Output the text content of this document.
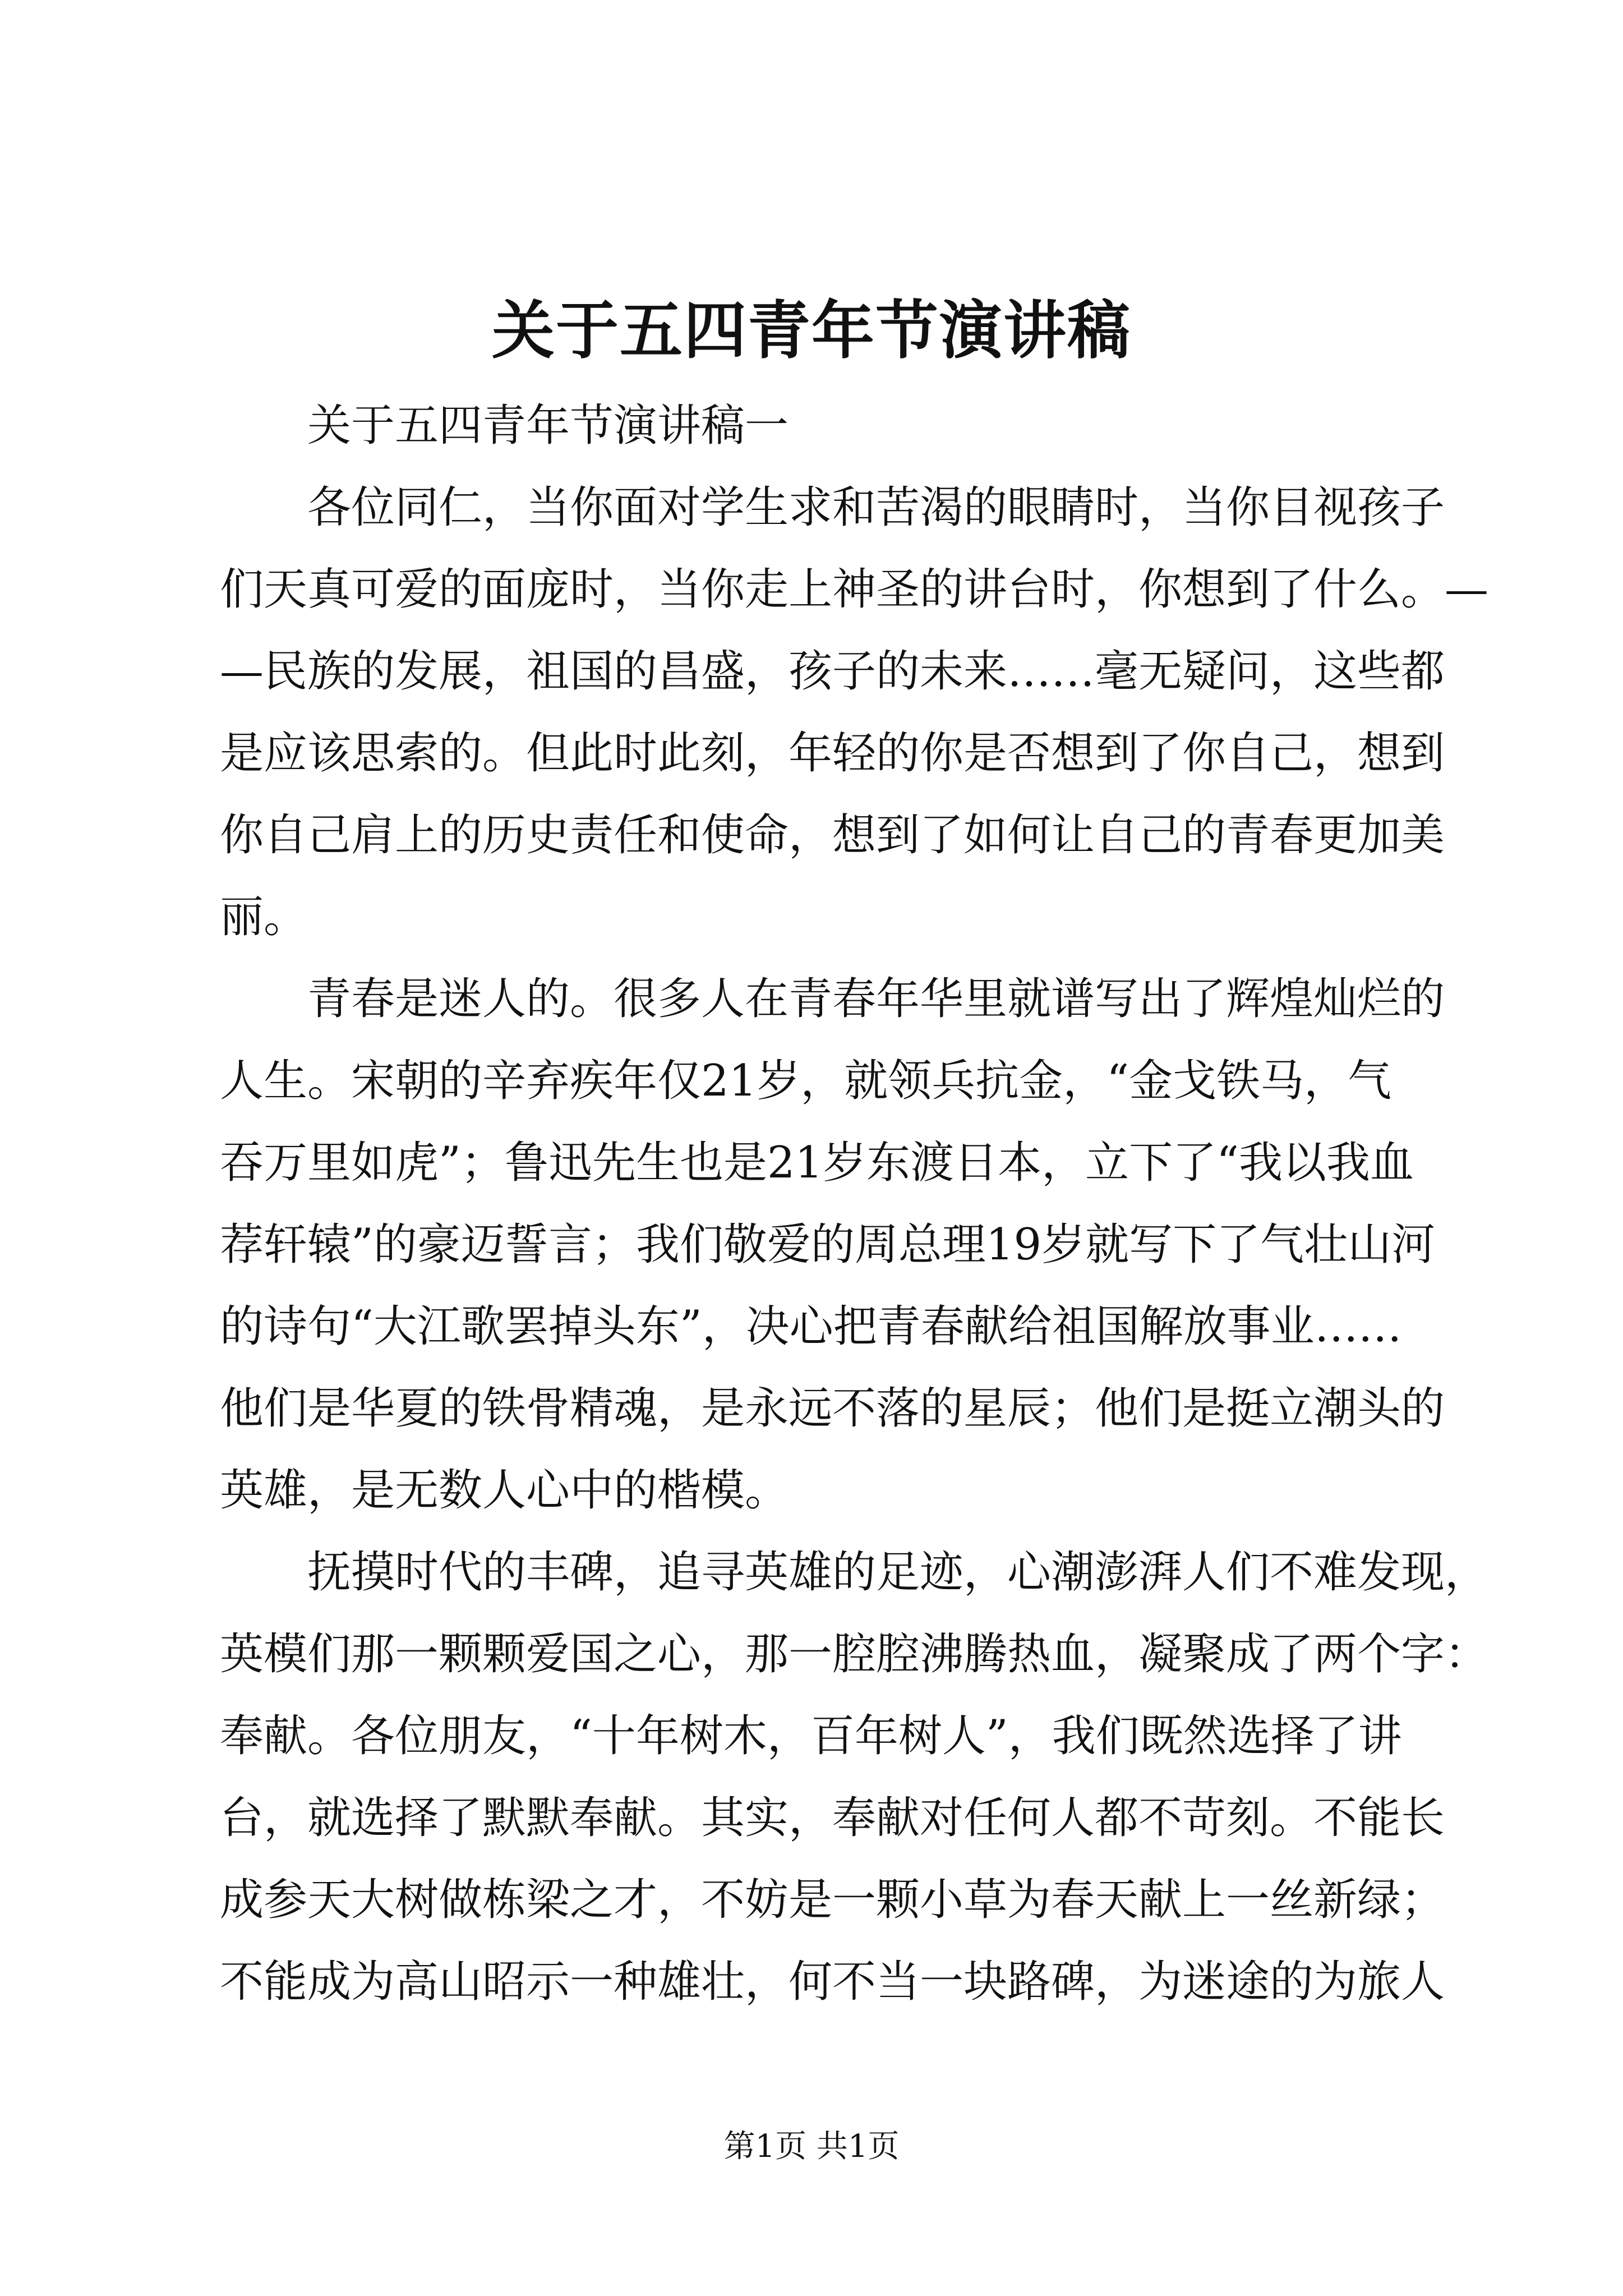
关于五四青年节演讲稿

关于五四青年节演讲稿一

各位同仁，当你面对学生求和苦渴的眼睛时，当你目视孩子
们天真可爱的面庞时，当你走上神圣的讲台时，你想到了什么。—
—民族的发展，祖国的昌盛，孩子的未来……毫无疑问，这些都
是应该思索的。但此时此刻，年轻的你是否想到了你自己，想到
你自己肩上的历史责任和使命，想到了如何让自己的青春更加美
丽。

青春是迷人的。很多人在青春年华里就谱写出了辉煌灿烂的
人生。宋朝的辛弃疾年仅21岁，就领兵抗金，“金戈铁马，气
吞万里如虎”；鲁迅先生也是21岁东渡日本，立下了“我以我血
荐轩辕”的豪迈誓言；我们敬爱的周总理19岁就写下了气壮山河
的诗句“大江歌罢掉头东”，决心把青春献给祖国解放事业……
他们是华夏的铁骨精魂，是永远不落的星辰；他们是挺立潮头的
英雄，是无数人心中的楷模。

抚摸时代的丰碑，追寻英雄的足迹，心潮澎湃人们不难发现，
英模们那一颗颗爱国之心，那一腔腔沸腾热血，凝聚成了两个字：
奉献。各位朋友，“十年树木，百年树人”，我们既然选择了讲
台，就选择了默默奉献。其实，奉献对任何人都不苛刻。不能长
成参天大树做栋梁之才，不妨是一颗小草为春天献上一丝新绿；
不能成为高山昭示一种雄壮，何不当一块路碑，为迷途的为旅人

第1页 共1页
